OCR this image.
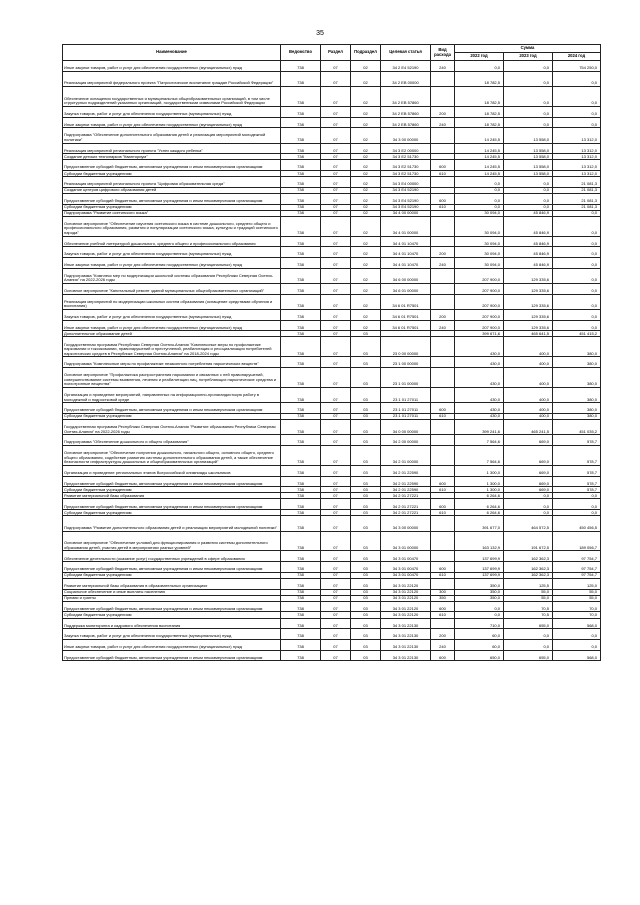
35
Наименование	Ведомство	Раздел	Подраздел	Целевая статья	Вид расхода	Сумма		
						2022 год	2023 год	2024 год
Иные закупки товаров, работ и услуг для обеспечения государственных (муниципальных) нужд	738	07	02	34 2 E4 52190	240	0,0	0,0	754 250,0
Реализация мероприятий федерального проекта "Патриотическое воспитание граждан Российской Федерации"	738	07	02	34 2 EB 00000		18 782,5	0,0	0,0
Обеспечение оснащения государственных и муниципальных общеобразовательных организаций, в том числе структурных подразделений указанных организаций, государственными символами Российской Федерации	738	07	02	34 2 EB 57860		18 782,5	0,0	0,0
Закупка товаров, работ и услуг для обеспечения государственных (муниципальных) нужд	738	07	02	34 2 EB 57860	200	18 782,5	0,0	0,0
Иные закупки товаров, работ и услуг для обеспечения государственных (муниципальных) нужд	738	07	02	34 2 EB 57860	240	18 782,5	0,0	0,0
Подпрограмма "Обеспечение дополнительного образования детей и реализация мероприятий молодежной политики"	738	07	02	34 3 00 00000		14 245,5	13 558,0	13 312,0
Реализация мероприятий регионального проекта "Успех каждого ребенка"	738	07	02	34 3 E2 00000		14 245,5	13 558,0	13 312,0
Создание детских технопарков "Кванториум"	738	07	02	34 3 E2 51730		14 245,5	13 558,0	13 312,0
Предоставление субсидий бюджетным, автономным учреждениям и иным некоммерческим организациям	738	07	02	34 3 E2 51730	600	14 245,5	13 558,0	13 312,0
Субсидии бюджетным учреждениям	738	07	02	34 3 E2 51730	610	14 245,5	13 558,0	13 312,0
Реализация мероприятий регионального проекта "Цифровая образовательная среда"	738	07	02	34 3 E4 00000		0,0	0,0	21 081,3
Создание центров цифрового образования детей	738	07	02	34 3 E4 52190		0,0	0,0	21 081,3
Предоставление субсидий бюджетным, автономным учреждениям и иным некоммерческим организациям	738	07	02	34 3 E4 52190	600	0,0	0,0	21 081,3
Субсидии бюджетным учреждениям	738	07	02	34 3 E4 52190	610	0,0	0,0	21 081,3
Подпрограмма "Развитие осетинского языка"	738	07	02	34 4 00 00000		30 094,0	45 846,9	0,0
Основное мероприятие "Обеспечение изучения осетинского языка в системе дошкольного, среднего общего и профессионального образования, развития и популяризации осетинского языка, культуры и традиций осетинского народа"	738	07	02	34 4 01 00000		30 094,0	45 846,9	0,0
Обеспечение учебной литературой дошкольного, среднего общего и профессионального образования	738	07	02	34 4 01 10470		30 094,0	45 846,9	0,0
Закупка товаров, работ и услуг для обеспечения государственных (муниципальных) нужд	738	07	02	34 4 01 10470	200	30 094,0	45 846,9	0,0
Иные закупки товаров, работ и услуг для обеспечения государственных (муниципальных) нужд	738	07	02	34 4 01 10470	240	30 094,0	45 846,9	0,0
Подпрограмма "Комплекс мер по модернизации школьной системы образования Республики Северная Осетия-Алания" на 2022-2026 годы	738	07	02	34 6 00 00000		207 900,0	129 335,6	0,0
Основное мероприятие "Капитальный ремонт зданий муниципальных общеобразовательных организаций"	738	07	02	34 6 01 00000		207 900,0	129 335,6	0,0
Реализация мероприятий по модернизации школьных систем образования (оснащение средствами обучения и воспитания)	738	07	02	34 6 01 R7501		207 900,0	129 335,6	0,0
Закупка товаров, работ и услуг для обеспечения государственных (муниципальных) нужд	738	07	02	34 6 01 R7501	200	207 900,0	129 335,6	0,0
Иные закупки товаров, работ и услуг для обеспечения государственных (муниципальных) нужд	738	07	02	34 6 01 R7501	240	207 900,0	129 335,6	0,0
Дополнительное образование детей	738	07	03			399 671,6	465 641,5	451 415,2
Государственная программа Республики Северная Осетия-Алания "Комплексные меры по профилактике наркомании и токсикомании, правонарушений и преступлений, реабилитация и ресоциализация потребителей наркотических средств в Республике Северная Осетия-Алания" на 2018-2024 годы	738	07	03	23 0 00 00000		430,0	400,0	380,0
Подпрограмма "Комплексные меры по профилактике незаконного потребления наркотических веществ"	738	07	03	23 1 00 00000		430,0	400,0	380,0
Основное мероприятие "Профилактика распространения наркомании и связанных с ней правонарушений, совершенствование системы выявления, лечения и реабилитации лиц, потребляющих наркотические средства и психотропные вещества"	738	07	03	23 1 01 00000		430,0	400,0	380,0
Организация и проведение мероприятий, направленных на информационно-пропагандистскую работу в молодежной и подростковой среде	738	07	03	23 1 01 27011		430,0	400,0	380,0
Предоставление субсидий бюджетным, автономным учреждениям и иным некоммерческим организациям	738	07	03	23 1 01 27011	600	430,0	400,0	380,0
Субсидии бюджетным учреждениям	738	07	03	23 1 01 27011	610	430,0	400,0	380,0
Государственная программа Республики Северная Осетия-Алания "Развитие образования Республики Северная Осетия-Алания" на 2022-2026 годы	738	07	03	34 0 00 00000		399 241,6	465 241,5	451 035,2
Подпрограмма "Обеспечение дошкольного и общего образования"	738	07	03	34 2 00 00000		7 564,6	669,0	578,7
Основное мероприятие "Обеспечение получения дошкольного, начального общего, основного общего, среднего общего образования, содействие развитию системы дополнительного образования детей, а также обеспечение безопасности инфраструктуры дошкольных и общеобразовательных организаций"	738	07	03	34 2 01 00000		7 564,6	669,0	578,7
Организация и проведение региональных этапов Всероссийской олимпиады школьников	738	07	03	34 2 01 22590		1 300,0	669,0	578,7
Предоставление субсидий бюджетным, автономным учреждениям и иным некоммерческим организациям	738	07	03	34 2 01 22590	600	1 300,0	669,0	578,7
Субсидии бюджетным учреждениям	738	07	03	34 2 01 22590	610	1 300,0	669,0	578,7
Развитие материальной базы образования	738	07	03	34 2 01 27221		6 264,6	0,0	0,0
Предоставление субсидий бюджетным, автономным учреждениям и иным некоммерческим организациям	738	07	03	34 2 01 27221	600	6 264,6	0,0	0,0
Субсидии бюджетным учреждениям	738	07	03	34 2 01 27221	610	6 264,6	0,0	0,0
Подпрограмма "Развитие дополнительного образования детей и реализация мероприятий молодежной политики"	738	07	03	34 3 00 00000		391 677,0	464 572,5	450 456,5
Основное мероприятие "Обеспечение условий для функционирования и развития системы дополнительного образования детей, участия детей в мероприятиях разных уровней"	738	07	03	34 3 01 00000		163 132,9	191 672,5	189 056,7
Обеспечение деятельности (оказание услуг) государственных учреждений в сфере образования	738	07	03	34 3 01 00470		137 699,9	162 362,3	97 754,7
Предоставление субсидий бюджетным, автономным учреждениям и иным некоммерческим организациям	738	07	03	34 3 01 00470	600	137 699,9	162 362,3	97 754,7
Субсидии бюджетным учреждениям	738	07	03	34 3 01 00470	610	137 699,9	162 362,3	97 754,7
Развитие материальной базы образования в образовательных организациях	738	07	03	34 3 01 22120		350,0	125,5	125,0
Социальное обеспечение и иные выплаты населению	738	07	03	34 3 01 22120	300	350,0	55,0	55,0
Премии и гранты	738	07	03	34 3 01 22120	350	350,0	55,0	55,0
Предоставление субсидий бюджетным, автономным учреждениям и иным некоммерческим организациям	738	07	03	34 3 01 22120	600	0,0	70,5	70,0
Субсидии бюджетным учреждениям	738	07	03	34 3 01 22120	610	0,0	70,5	70,0
Поддержка мониторинга и кадрового обеспечения воспитания	738	07	03	34 3 01 22130		710,0	655,0	568,0
Закупка товаров, работ и услуг для обеспечения государственных (муниципальных) нужд	738	07	03	34 3 01 22130	200	60,0	0,0	0,0
Иные закупки товаров, работ и услуг для обеспечения государственных (муниципальных) нужд	738	07	03	34 3 01 22130	240	60,0	0,0	0,0
Предоставление субсидий бюджетным, автономным учреждениям и иным некоммерческим организациям	738	07	03	34 3 01 22130	600	650,0	655,0	568,0
